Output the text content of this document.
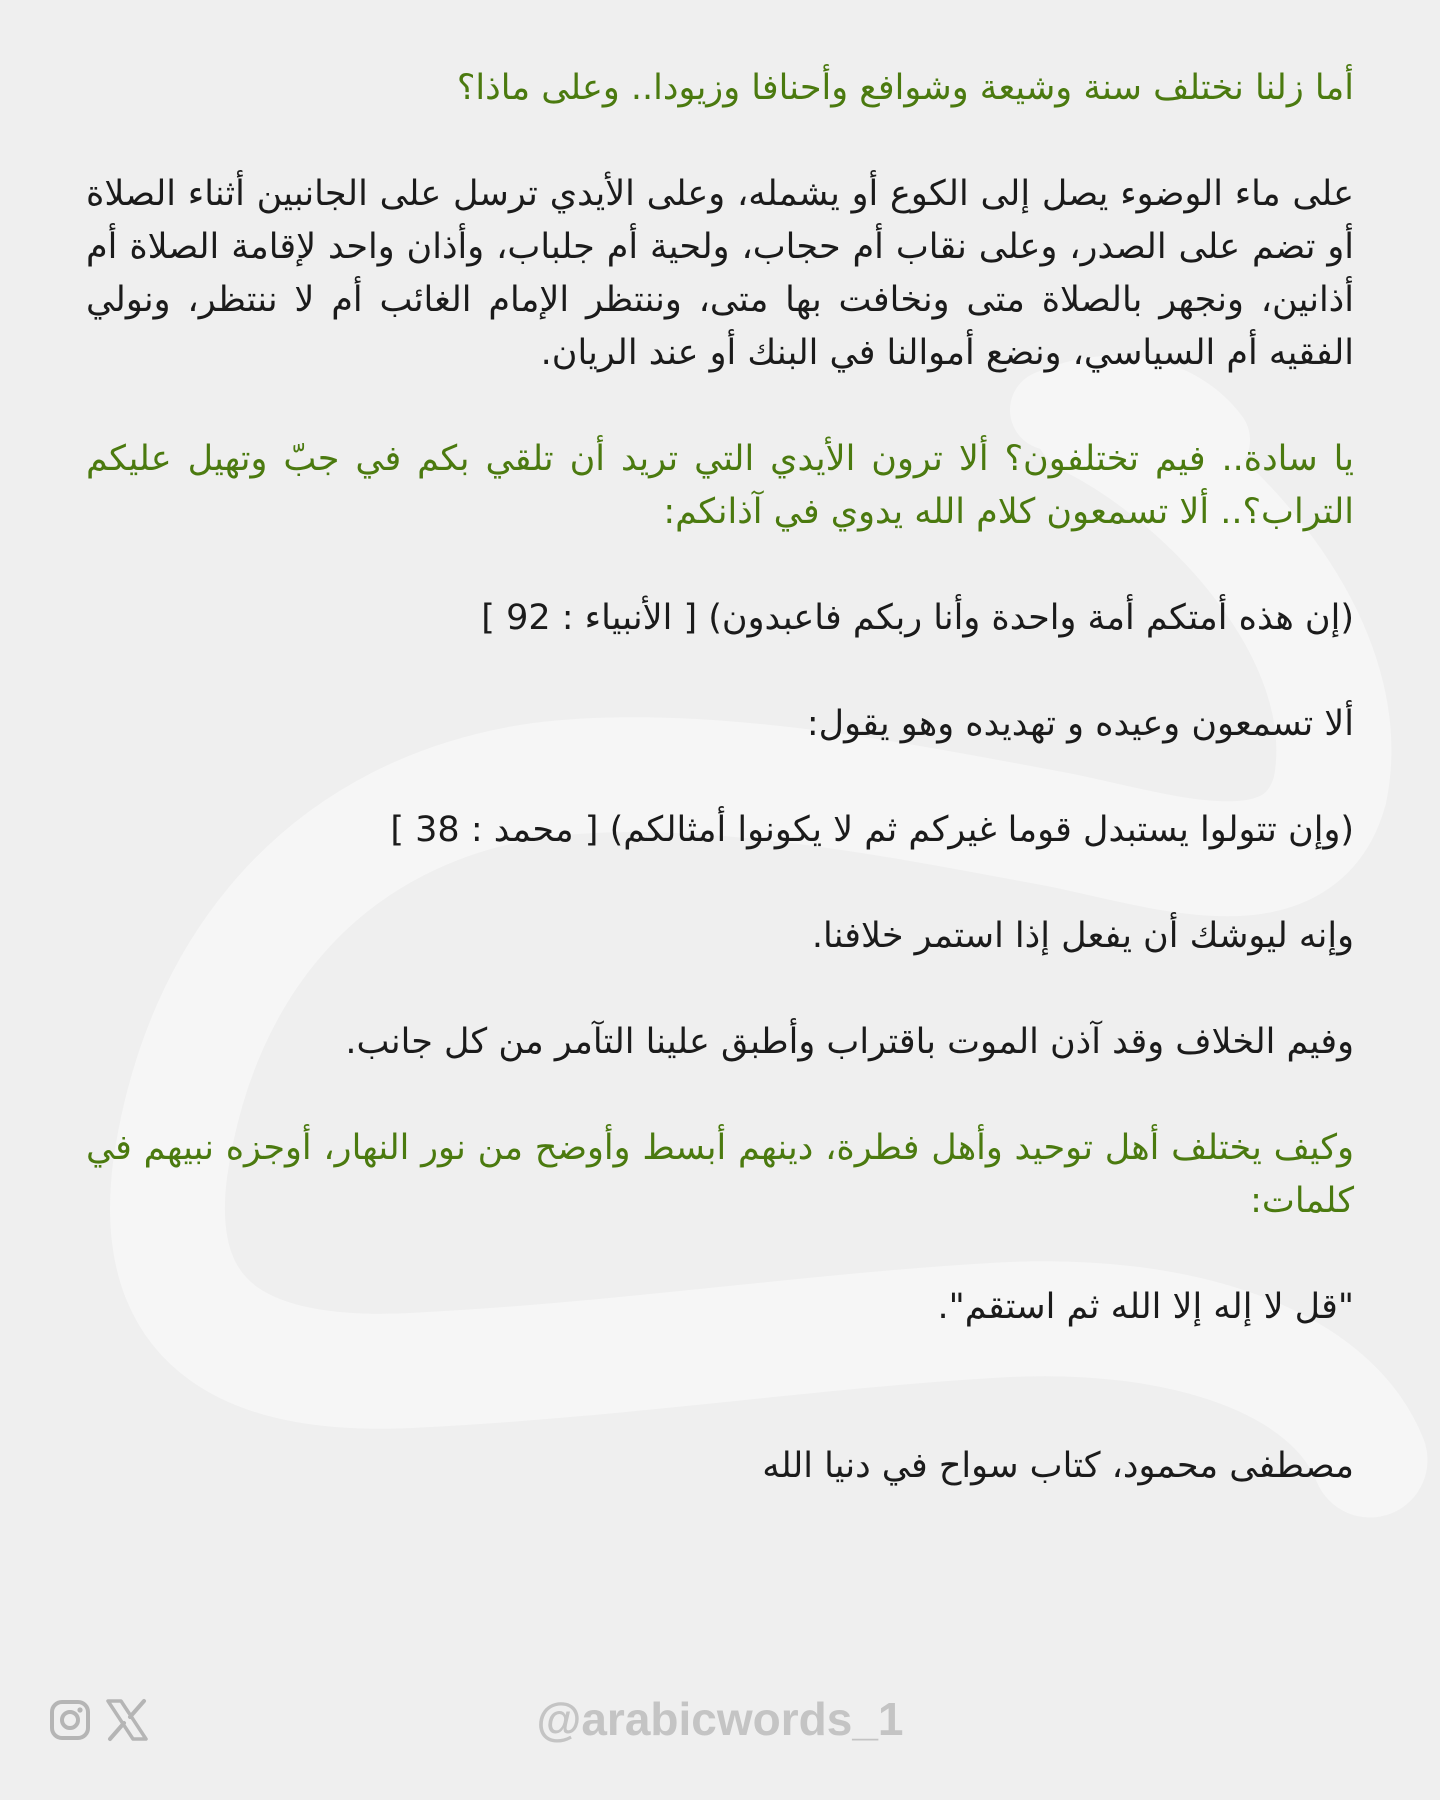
أما زلنا نختلف سنة وشيعة وشوافع وأحنافا وزيودا.. وعلى ماذا؟

على ماء الوضوء يصل إلى الكوع أو يشمله، وعلى الأيدي ترسل على الجانبين أثناء الصلاة أو تضم على الصدر، وعلى نقاب أم حجاب، ولحية أم جلباب، وأذان واحد لإقامة الصلاة أم أذانين، ونجهر بالصلاة متى ونخافت بها متى، وننتظر الإمام الغائب أم لا ننتظر، ونولي الفقيه أم السياسي، ونضع أموالنا في البنك أو عند الريان.

يا سادة.. فيم تختلفون؟ ألا ترون الأيدي التي تريد أن تلقي بكم في جبّ وتهيل عليكم التراب؟.. ألا تسمعون كلام الله يدوي في آذانكم:

(إن هذه أمتكم أمة واحدة وأنا ربكم فاعبدون) [ الأنبياء : 92 ]

ألا تسمعون وعيده و تهديده وهو يقول:

(وإن تتولوا يستبدل قوما غيركم ثم لا يكونوا أمثالكم) [ محمد : 38 ]

وإنه ليوشك أن يفعل إذا استمر خلافنا.

وفيم الخلاف وقد آذن الموت باقتراب وأطبق علينا التآمر من كل جانب.

وكيف يختلف أهل توحيد وأهل فطرة، دينهم أبسط وأوضح من نور النهار، أوجزه نبيهم في كلمات:

"قل لا إله إلا الله ثم استقم".

مصطفى محمود، كتاب سواح في دنيا الله

@arabicwords_1
